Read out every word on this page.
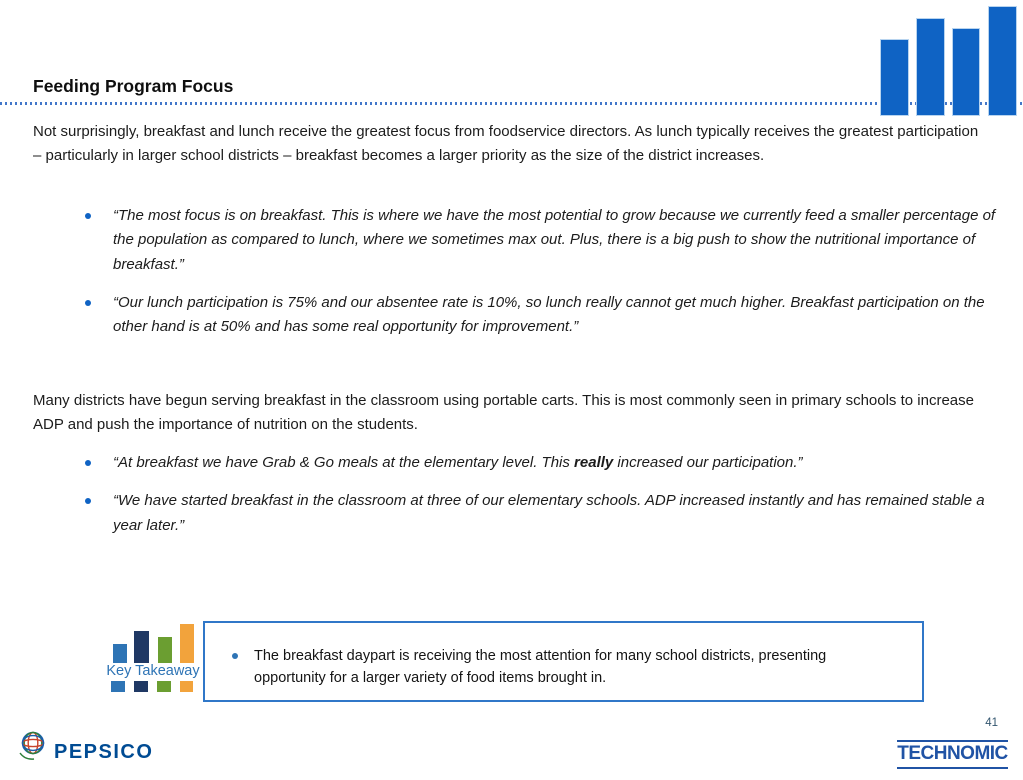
Feeding Program Focus
Not surprisingly, breakfast and lunch receive the greatest focus from foodservice directors. As lunch typically receives the greatest participation – particularly in larger school districts – breakfast becomes a larger priority as the size of the district increases.
“The most focus is on breakfast. This is where we have the most potential to grow because we currently feed a smaller percentage of the population as compared to lunch, where we sometimes max out. Plus, there is a big push to show the nutritional importance of breakfast.”
“Our lunch participation is 75% and our absentee rate is 10%, so lunch really cannot get much higher. Breakfast participation on the other hand is at 50% and has some real opportunity for improvement.”
Many districts have begun serving breakfast in the classroom using portable carts. This is most commonly seen in primary schools to increase ADP and push the importance of nutrition on the students.
“At breakfast we have Grab & Go meals at the elementary level. This really increased our participation.”
“We have started breakfast in the classroom at three of our elementary schools. ADP increased instantly and has remained stable a year later.”
Key Takeaway
The breakfast daypart is receiving the most attention for many school districts, presenting opportunity for a larger variety of food items brought in.
PEPSICO
41
TECHNOMIC
